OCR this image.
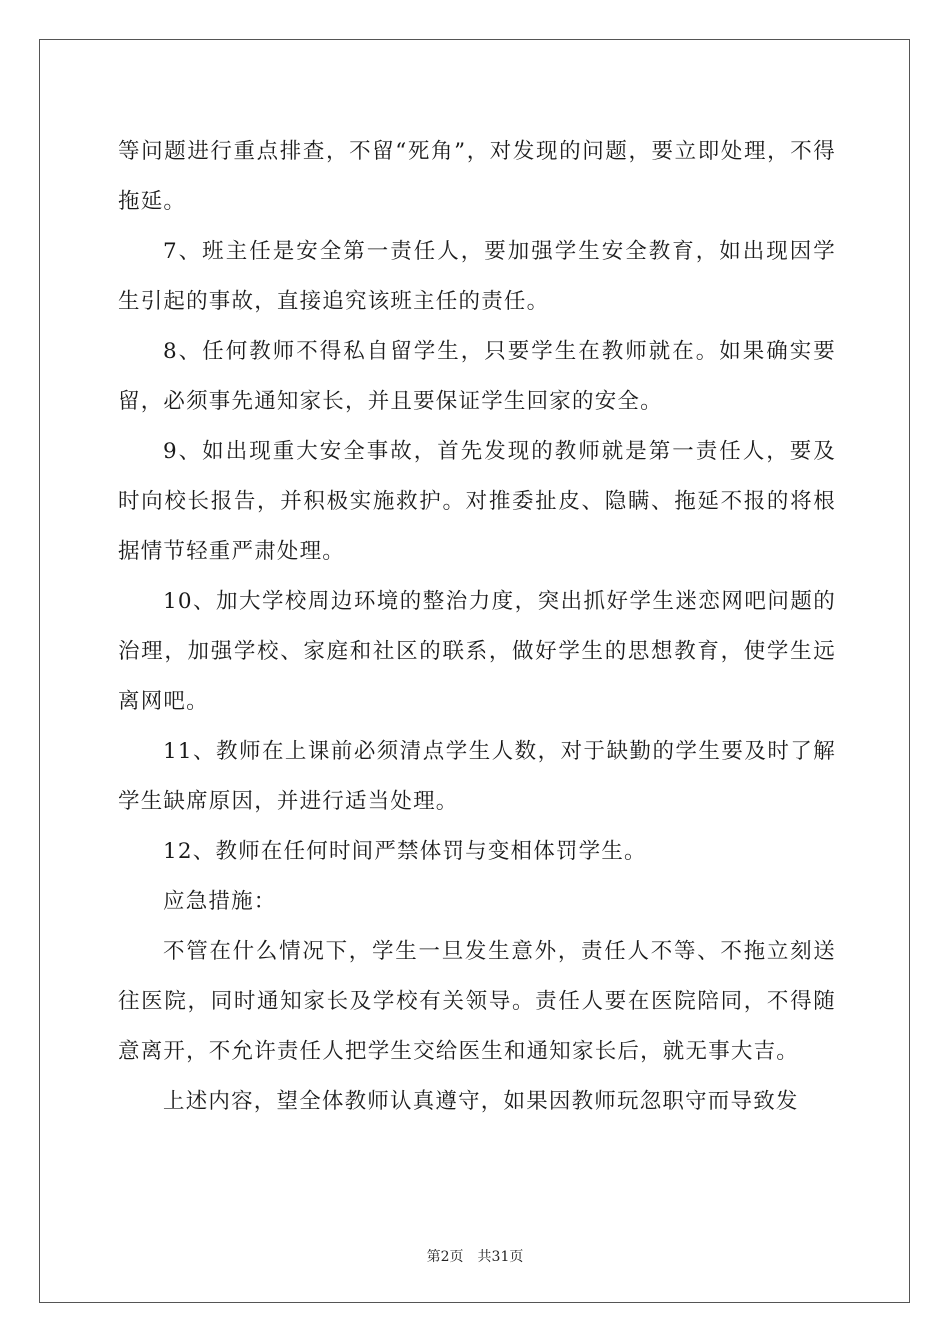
等问题进行重点排查，不留“死角”，对发现的问题，要立即处理，不得拖延。

7、班主任是安全第一责任人，要加强学生安全教育，如出现因学生引起的事故，直接追究该班主任的责任。

8、任何教师不得私自留学生，只要学生在教师就在。如果确实要留，必须事先通知家长，并且要保证学生回家的安全。

9、如出现重大安全事故，首先发现的教师就是第一责任人，要及时向校长报告，并积极实施救护。对推委扯皮、隐瞒、拖延不报的将根据情节轻重严肃处理。

10、加大学校周边环境的整治力度，突出抓好学生迷恋网吧问题的治理，加强学校、家庭和社区的联系，做好学生的思想教育，使学生远离网吧。

11、教师在上课前必须清点学生人数，对于缺勤的学生要及时了解学生缺席原因，并进行适当处理。

12、教师在任何时间严禁体罚与变相体罚学生。

应急措施：

不管在什么情况下，学生一旦发生意外，责任人不等、不拖立刻送往医院，同时通知家长及学校有关领导。责任人要在医院陪同，不得随意离开，不允许责任人把学生交给医生和通知家长后，就无事大吉。

上述内容，望全体教师认真遵守，如果因教师玩忽职守而导致发

第2页 共31页
